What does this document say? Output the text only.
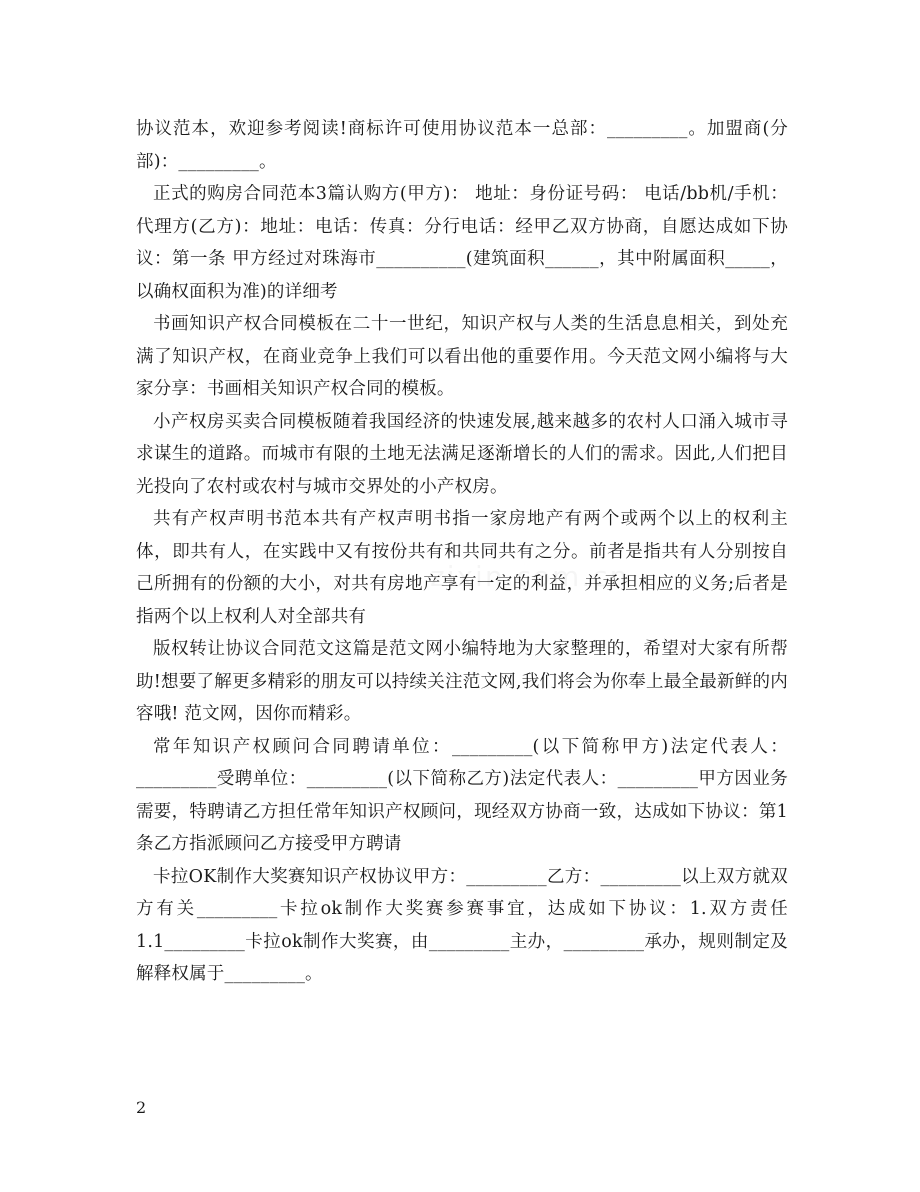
协议范本，欢迎参考阅读!商标许可使用协议范本一总部：_________。加盟商(分部)：_________。

正式的购房合同范本3篇认购方(甲方)： 地址：身份证号码： 电话/bb机/手机：代理方(乙方)：地址：电话：传真：分行电话：经甲乙双方协商，自愿达成如下协议：第一条 甲方经过对珠海市__________(建筑面积______，其中附属面积_____，以确权面积为准)的详细考

书画知识产权合同模板在二十一世纪，知识产权与人类的生活息息相关，到处充满了知识产权，在商业竞争上我们可以看出他的重要作用。今天范文网小编将与大家分享：书画相关知识产权合同的模板。

小产权房买卖合同模板随着我国经济的快速发展,越来越多的农村人口涌入城市寻求谋生的道路。而城市有限的土地无法满足逐渐增长的人们的需求。因此,人们把目光投向了农村或农村与城市交界处的小产权房。

共有产权声明书范本共有产权声明书指一家房地产有两个或两个以上的权利主体，即共有人，在实践中又有按份共有和共同共有之分。前者是指共有人分别按自己所拥有的份额的大小，对共有房地产享有一定的利益，并承担相应的义务;后者是指两个以上权利人对全部共有

版权转让协议合同范文这篇是范文网小编特地为大家整理的，希望对大家有所帮助!想要了解更多精彩的朋友可以持续关注范文网,我们将会为你奉上最全最新鲜的内容哦! 范文网，因你而精彩。

常年知识产权顾问合同聘请单位：_________(以下简称甲方)法定代表人：_________受聘单位：_________(以下简称乙方)法定代表人：_________甲方因业务需要，特聘请乙方担任常年知识产权顾问，现经双方协商一致，达成如下协议：第1条乙方指派顾问乙方接受甲方聘请

卡拉OK制作大奖赛知识产权协议甲方：_________乙方：_________以上双方就双方有关_________卡拉ok制作大奖赛参赛事宜，达成如下协议：1.双方责任1.1_________卡拉ok制作大奖赛，由_________主办，_________承办，规则制定及解释权属于_________。

2
